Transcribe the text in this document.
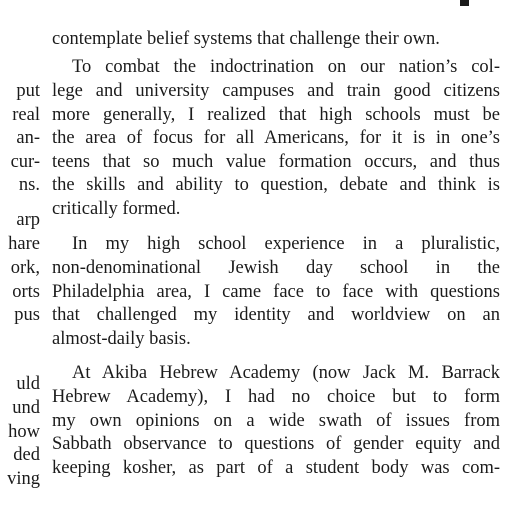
put
real
an-
cur-
ns.
arp
hare
ork,
orts
pus
uld
und
how
ded
ving
contemplate belief systems that challenge their own.
To combat the indoctrination on our nation’s col-
lege and university campuses and train good citizens
more generally, I realized that high schools must be
the area of focus for all Americans, for it is in one’s
teens that so much value formation occurs, and thus
the skills and ability to question, debate and think is
critically formed.
In my high school experience in a pluralistic,
non-denominational Jewish day school in the
Philadelphia area, I came face to face with questions
that challenged my identity and worldview on an
almost-daily basis.
At Akiba Hebrew Academy (now Jack M. Barrack
Hebrew Academy), I had no choice but to form
my own opinions on a wide swath of issues from
Sabbath observance to questions of gender equity and
keeping kosher, as part of a student body was com-
